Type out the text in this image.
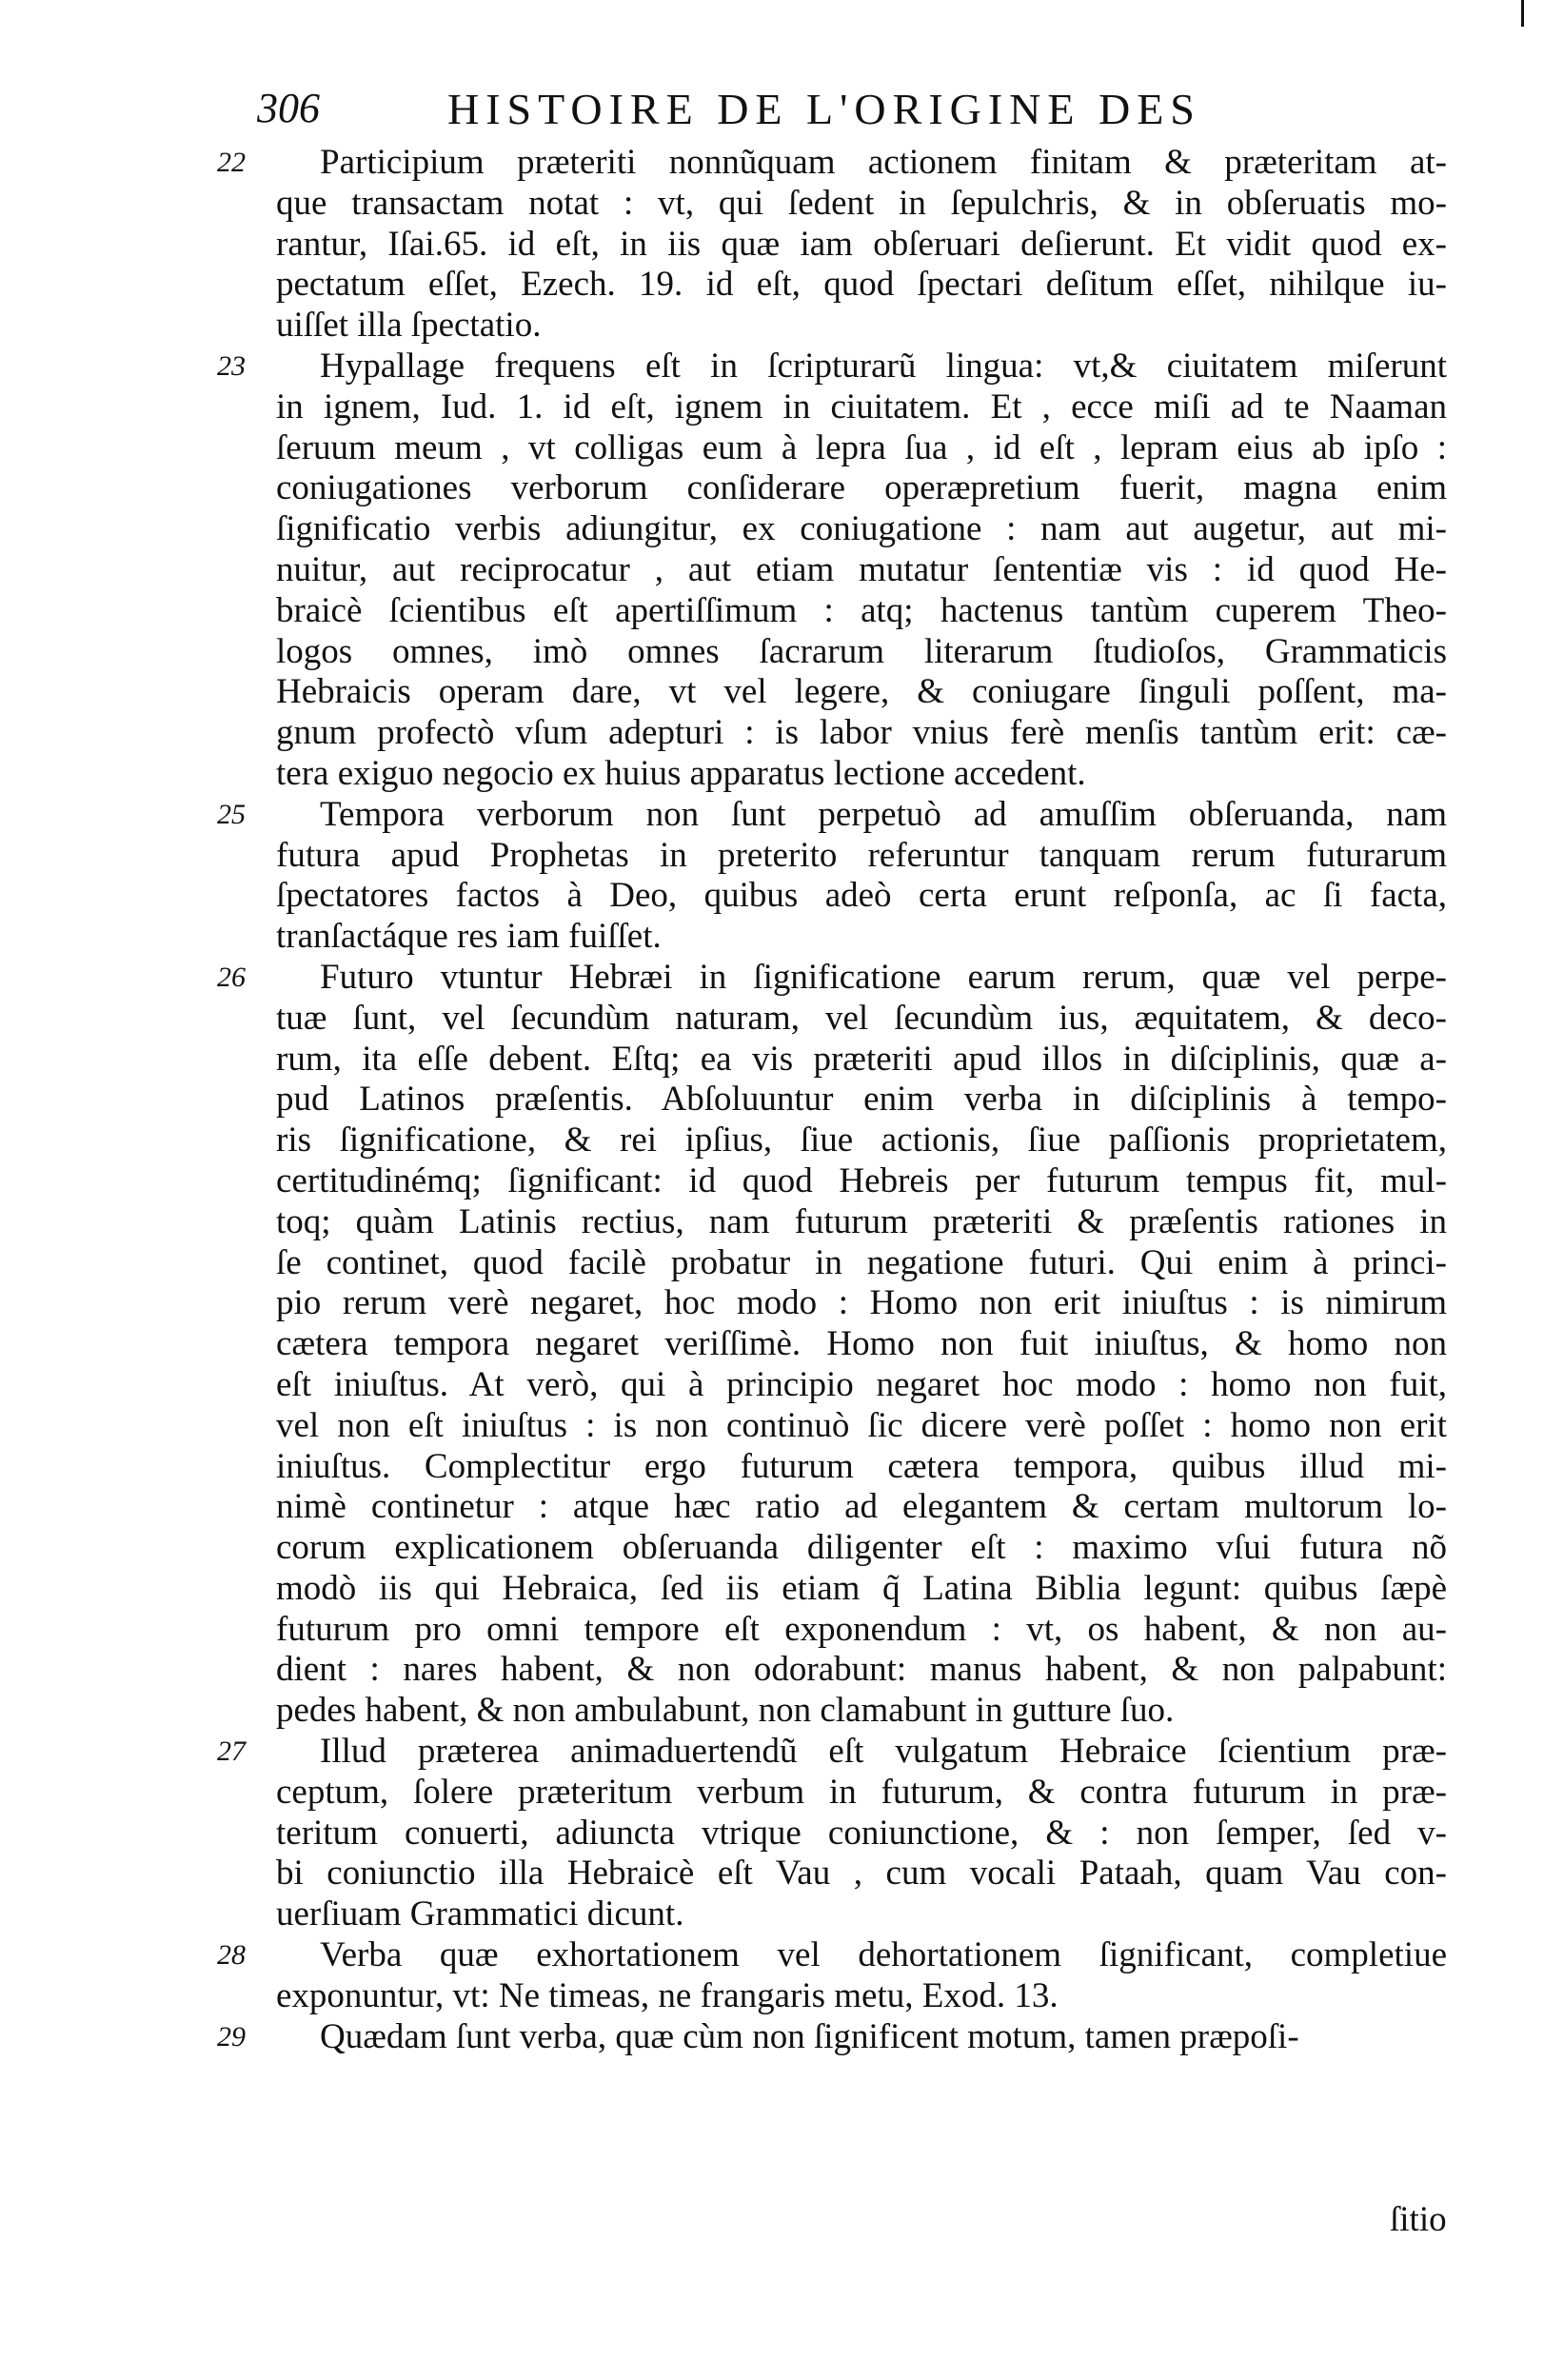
306	HISTOIRE DE L'ORIGINE DES
22	Participium præteriti nonnũquam actionem finitam & præteritam at-
que transactam notat : vt, qui ſedent in ſepulchris, & in obſeruatis mo-
rantur, Iſai.65. id eſt, in iis quæ iam obſeruari deſierunt. Et vidit quod ex-
pectatum eſſet, Ezech. 19. id eſt, quod ſpectari deſitum eſſet, nihilque iu-
uiſſet illa ſpectatio.
23	Hypallage frequens eſt in ſcripturarũ lingua: vt,& ciuitatem miſerunt
in ignem, Iud. 1. id eſt, ignem in ciuitatem. Et , ecce miſi ad te Naaman
ſeruum meum , vt colligas eum à lepra ſua , id eſt , lepram eius ab ipſo :
coniugationes verborum conſiderare operæpretium fuerit, magna enim
ſignificatio verbis adiungitur, ex coniugatione : nam aut augetur, aut mi-
nuitur, aut reciprocatur , aut etiam mutatur ſententiæ vis : id quod He-
braicè ſcientibus eſt apertiſſimum : atq; hactenus tantùm cuperem Theo-
logos omnes, imò omnes ſacrarum literarum ſtudioſos, Grammaticis
Hebraicis operam dare, vt vel legere, & coniugare ſinguli poſſent, ma-
gnum profectò vſum adepturi : is labor vnius ferè menſis tantùm erit: cæ-
tera exiguo negocio ex huius apparatus lectione accedent.
25	Tempora verborum non ſunt perpetuò ad amuſſim obſeruanda, nam
futura apud Prophetas in preterito referuntur tanquam rerum futurarum
ſpectatores factos à Deo, quibus adeò certa erunt reſponſa, ac ſi facta,
tranſactáque res iam fuiſſet.
26	Futuro vtuntur Hebræi in ſignificatione earum rerum, quæ vel perpe-
tuæ ſunt, vel ſecundùm naturam, vel ſecundùm ius, æquitatem, & deco-
rum, ita eſſe debent. Eſtq; ea vis præteriti apud illos in diſciplinis, quæ a-
pud Latinos præſentis. Abſoluuntur enim verba in diſciplinis à tempo-
ris ſignificatione, & rei ipſius, ſiue actionis, ſiue paſſionis proprietatem,
certitudinémq; ſignificant: id quod Hebreis per futurum tempus fit, mul-
toq; quàm Latinis rectius, nam futurum præteriti & præſentis rationes in
ſe continet, quod facilè probatur in negatione futuri. Qui enim à princi-
pio rerum verè negaret, hoc modo : Homo non erit iniuſtus : is nimirum
cætera tempora negaret veriſſimè. Homo non fuit iniuſtus, & homo non
eſt iniuſtus. At verò, qui à principio negaret hoc modo : homo non fuit,
vel non eſt iniuſtus : is non continuò ſic dicere verè poſſet : homo non erit
iniuſtus. Complectitur ergo futurum cætera tempora, quibus illud mi-
nimè continetur : atque hæc ratio ad elegantem & certam multorum lo-
corum explicationem obſeruanda diligenter eſt : maximo vſui futura nõ
modò iis qui Hebraica, ſed iis etiam q̃ Latina Biblia legunt: quibus ſæpè
futurum pro omni tempore eſt exponendum : vt, os habent, & non au-
dient : nares habent, & non odorabunt: manus habent, & non palpabunt:
pedes habent, & non ambulabunt, non clamabunt in gutture ſuo.
27	Illud præterea animaduertendũ eſt vulgatum Hebraice ſcientium præ-
ceptum, ſolere præteritum verbum in futurum, & contra futurum in præ-
teritum conuerti, adiuncta vtrique coniunctione, & : non ſemper, ſed v-
bi coniunctio illa Hebraicè eſt Vau , cum vocali Pataah, quam Vau con-
uerſiuam Grammatici dicunt.
28	Verba quæ exhortationem vel dehortationem ſignificant, completiue
exponuntur, vt: Ne timeas, ne frangaris metu, Exod. 13.
29	Quædam ſunt verba, quæ cùm non ſignificent motum, tamen præpoſi-
ſitio
